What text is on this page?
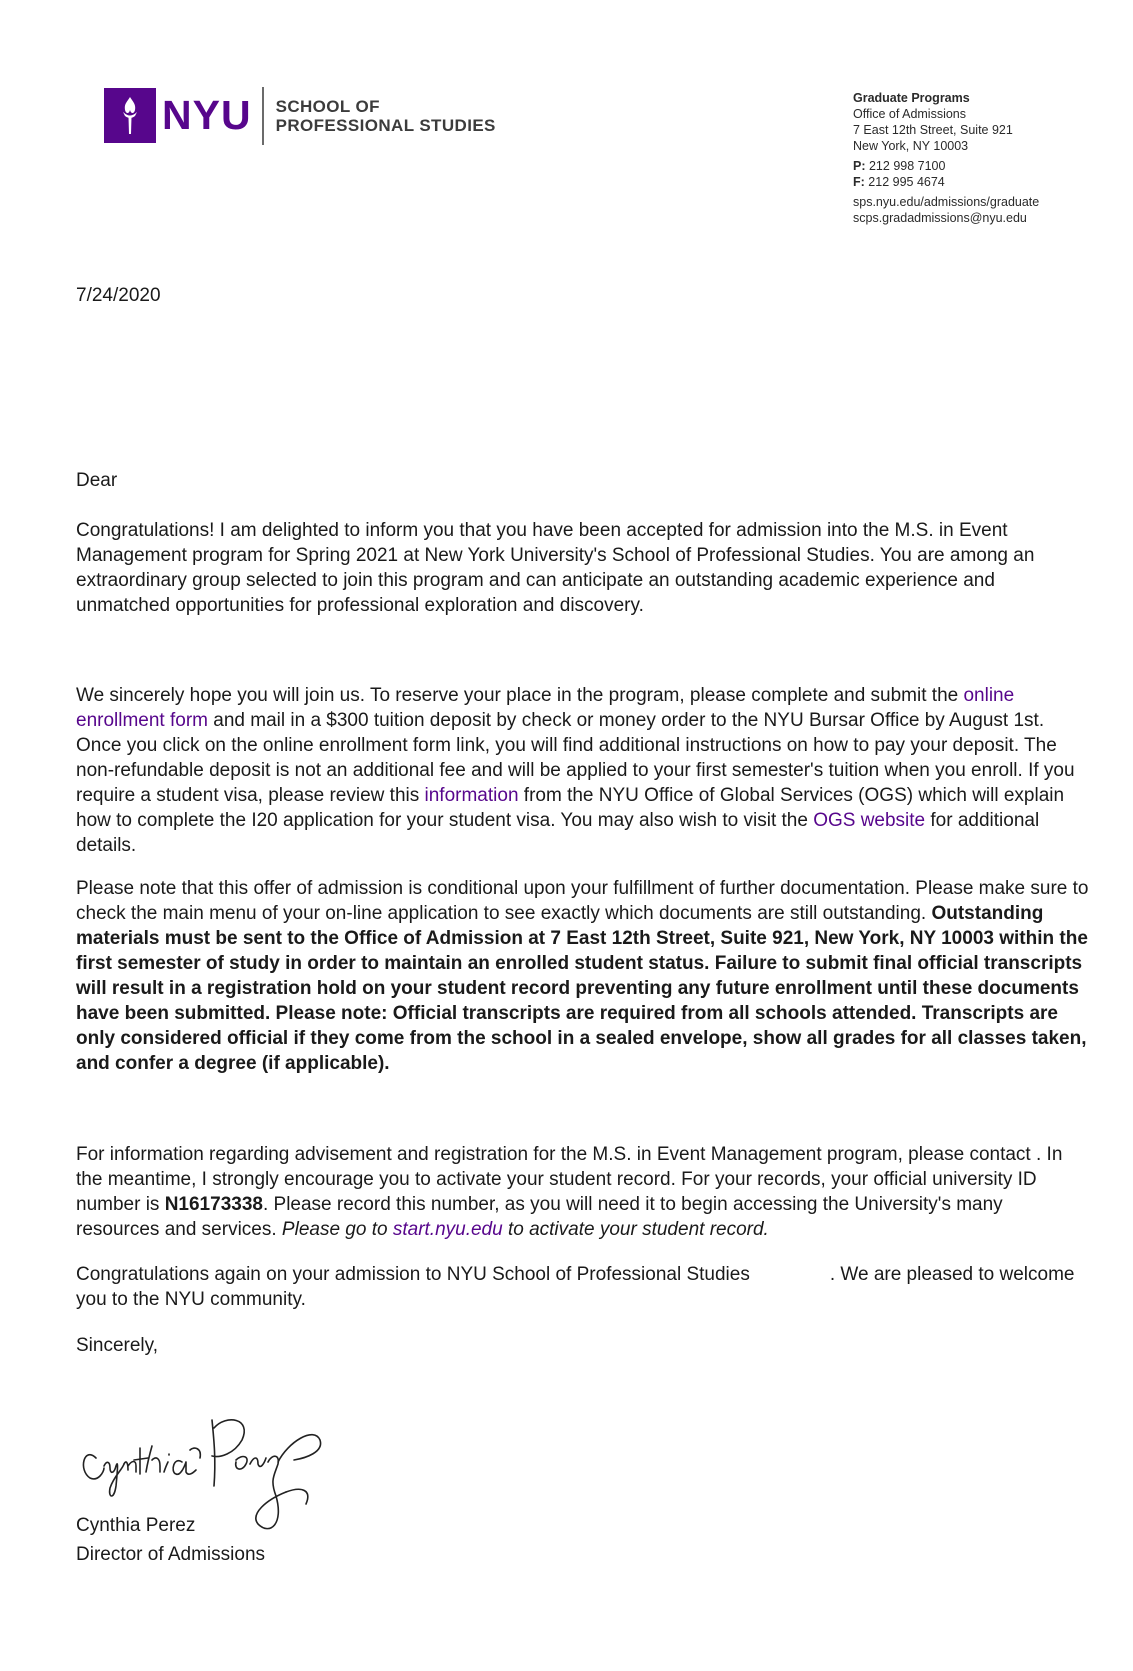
NYU SCHOOL OF
PROFESSIONAL STUDIES
Graduate Programs
Office of Admissions
7 East 12th Street, Suite 921
New York, NY 10003
P: 212 998 7100
F: 212 995 4674
sps.nyu.edu/admissions/graduate
scps.gradadmissions@nyu.edu
7/24/2020
Dear
Congratulations! I am delighted to inform you that you have been accepted for admission into the M.S. in Event Management program for Spring 2021 at New York University's School of Professional Studies. You are among an extraordinary group selected to join this program and can anticipate an outstanding academic experience and unmatched opportunities for professional exploration and discovery.
We sincerely hope you will join us. To reserve your place in the program, please complete and submit the online enrollment form and mail in a $300 tuition deposit by check or money order to the NYU Bursar Office by August 1st. Once you click on the online enrollment form link, you will find additional instructions on how to pay your deposit. The non-refundable deposit is not an additional fee and will be applied to your first semester's tuition when you enroll. If you require a student visa, please review this information from the NYU Office of Global Services (OGS) which will explain how to complete the I20 application for your student visa. You may also wish to visit the OGS website for additional details.
Please note that this offer of admission is conditional upon your fulfillment of further documentation. Please make sure to check the main menu of your on-line application to see exactly which documents are still outstanding. Outstanding materials must be sent to the Office of Admission at 7 East 12th Street, Suite 921, New York, NY 10003 within the first semester of study in order to maintain an enrolled student status. Failure to submit final official transcripts will result in a registration hold on your student record preventing any future enrollment until these documents have been submitted. Please note: Official transcripts are required from all schools attended. Transcripts are only considered official if they come from the school in a sealed envelope, show all grades for all classes taken, and confer a degree (if applicable).
For information regarding advisement and registration for the M.S. in Event Management program, please contact . In the meantime, I strongly encourage you to activate your student record. For your records, your official university ID number is N16173338. Please record this number, as you will need it to begin accessing the University's many resources and services. Please go to start.nyu.edu to activate your student record.
Congratulations again on your admission to NYU School of Professional Studies	. We are pleased to welcome you to the NYU community.
Sincerely,
Cynthia Perez
Director of Admissions
